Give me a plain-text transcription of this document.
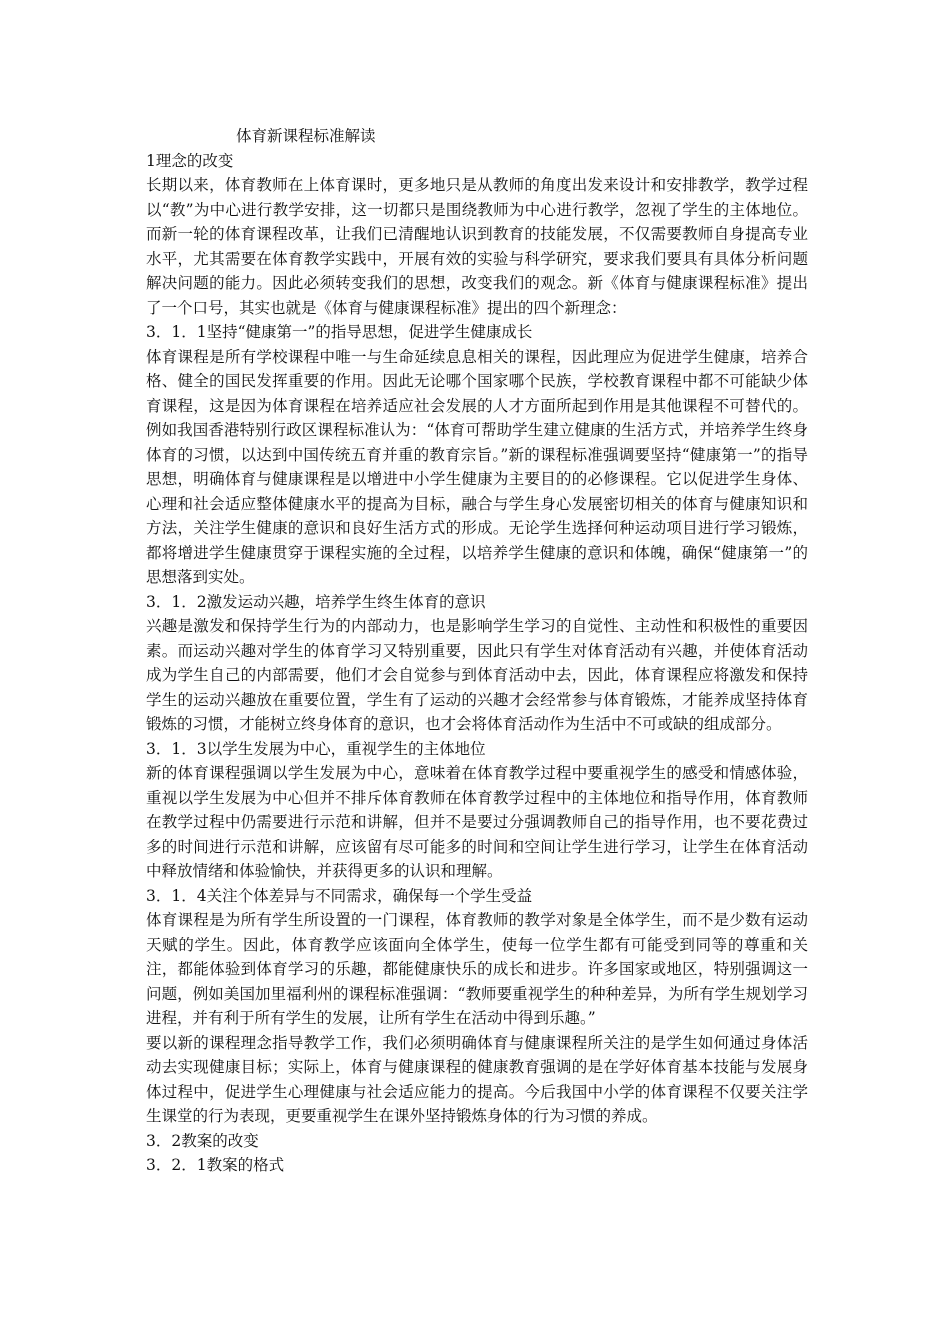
体育新课程标准解读
1理念的改变
长期以来，体育教师在上体育课时，更多地只是从教师的角度出发来设计和安排教学，教学过程以“教”为中心进行教学安排，这一切都只是围绕教师为中心进行教学，忽视了学生的主体地位。而新一轮的体育课程改革，让我们已清醒地认识到教育的技能发展，不仅需要教师自身提高专业水平，尤其需要在体育教学实践中，开展有效的实验与科学研究，要求我们要具有具体分析问题解决问题的能力。因此必须转变我们的思想，改变我们的观念。新《体育与健康课程标准》提出了一个口号，其实也就是《体育与健康课程标准》提出的四个新理念：
3．1．1坚持“健康第一”的指导思想，促进学生健康成长
体育课程是所有学校课程中唯一与生命延续息息相关的课程，因此理应为促进学生健康，培养合格、健全的国民发挥重要的作用。因此无论哪个国家哪个民族，学校教育课程中都不可能缺少体育课程，这是因为体育课程在培养适应社会发展的人才方面所起到作用是其他课程不可替代的。例如我国香港特别行政区课程标准认为：“体育可帮助学生建立健康的生活方式，并培养学生终身体育的习惯，以达到中国传统五育并重的教育宗旨。”新的课程标准强调要坚持“健康第一”的指导思想，明确体育与健康课程是以增进中小学生健康为主要目的的必修课程。它以促进学生身体、心理和社会适应整体健康水平的提高为目标，融合与学生身心发展密切相关的体育与健康知识和方法，关注学生健康的意识和良好生活方式的形成。无论学生选择何种运动项目进行学习锻炼，都将增进学生健康贯穿于课程实施的全过程，以培养学生健康的意识和体魄，确保“健康第一”的思想落到实处。
3．1．2激发运动兴趣，培养学生终生体育的意识
兴趣是激发和保持学生行为的内部动力，也是影响学生学习的自觉性、主动性和积极性的重要因素。而运动兴趣对学生的体育学习又特别重要，因此只有学生对体育活动有兴趣，并使体育活动成为学生自己的内部需要，他们才会自觉参与到体育活动中去，因此，体育课程应将激发和保持学生的运动兴趣放在重要位置，学生有了运动的兴趣才会经常参与体育锻炼，才能养成坚持体育锻炼的习惯，才能树立终身体育的意识，也才会将体育活动作为生活中不可或缺的组成部分。
3．1．3以学生发展为中心，重视学生的主体地位
新的体育课程强调以学生发展为中心，意味着在体育教学过程中要重视学生的感受和情感体验，重视以学生发展为中心但并不排斥体育教师在体育教学过程中的主体地位和指导作用，体育教师在教学过程中仍需要进行示范和讲解，但并不是要过分强调教师自己的指导作用，也不要花费过多的时间进行示范和讲解，应该留有尽可能多的时间和空间让学生进行学习，让学生在体育活动中释放情绪和体验愉快，并获得更多的认识和理解。
3．1．4关注个体差异与不同需求，确保每一个学生受益
体育课程是为所有学生所设置的一门课程，体育教师的教学对象是全体学生，而不是少数有运动天赋的学生。因此，体育教学应该面向全体学生，使每一位学生都有可能受到同等的尊重和关注，都能体验到体育学习的乐趣，都能健康快乐的成长和进步。许多国家或地区，特别强调这一问题，例如美国加里福利州的课程标准强调：“教师要重视学生的种种差异，为所有学生规划学习进程，并有利于所有学生的发展，让所有学生在活动中得到乐趣。”
要以新的课程理念指导教学工作，我们必须明确体育与健康课程所关注的是学生如何通过身体活动去实现健康目标；实际上，体育与健康课程的健康教育强调的是在学好体育基本技能与发展身体过程中，促进学生心理健康与社会适应能力的提高。今后我国中小学的体育课程不仅要关注学生课堂的行为表现，更要重视学生在课外坚持锻炼身体的行为习惯的养成。
3．2教案的改变
3．2．1教案的格式
